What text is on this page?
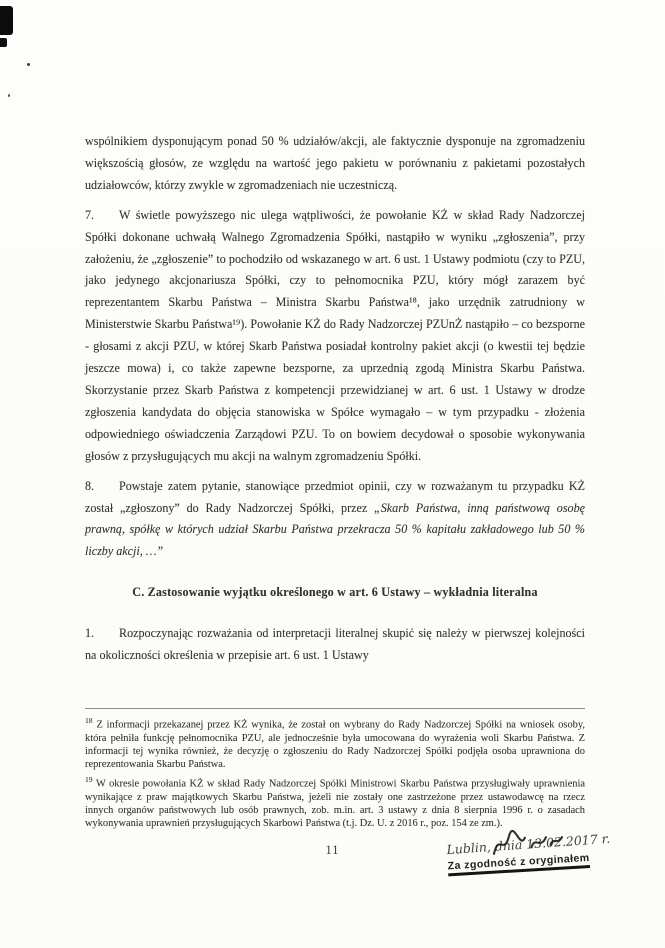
wspólnikiem dysponującym ponad 50 % udziałów/akcji, ale faktycznie dysponuje na zgromadzeniu większością głosów, ze względu na wartość jego pakietu w porównaniu z pakietami pozostałych udziałowców, którzy zwykle w zgromadzeniach nie uczestniczą.

7. W świetle powyższego nic ulega wątpliwości, że powołanie KŻ w skład Rady Nadzorczej Spółki dokonane uchwałą Walnego Zgromadzenia Spółki, nastąpiło w wyniku „zgłoszenia”, przy założeniu, że „zgłoszenie” to pochodziło od wskazanego w art. 6 ust. 1 Ustawy podmiotu (czy to PZU, jako jedynego akcjonariusza Spółki, czy to pełnomocnika PZU, który mógł zarazem być reprezentantem Skarbu Państwa – Ministra Skarbu Państwa¹⁸, jako urzędnik zatrudniony w Ministerstwie Skarbu Państwa¹⁹). Powołanie KŻ do Rady Nadzorczej PZUnŻ nastąpiło – co bezsporne - głosami z akcji PZU, w której Skarb Państwa posiadał kontrolny pakiet akcji (o kwestii tej będzie jeszcze mowa) i, co także zapewne bezsporne, za uprzednią zgodą Ministra Skarbu Państwa. Skorzystanie przez Skarb Państwa z kompetencji przewidzianej w art. 6 ust. 1 Ustawy w drodze zgłoszenia kandydata do objęcia stanowiska w Spółce wymagało – w tym przypadku - złożenia odpowiedniego oświadczenia Zarządowi PZU. To on bowiem decydował o sposobie wykonywania głosów z przysługujących mu akcji na walnym zgromadzeniu Spółki.

8. Powstaje zatem pytanie, stanowiące przedmiot opinii, czy w rozważanym tu przypadku KŻ został „zgłoszony” do Rady Nadzorczej Spółki, przez „Skarb Państwa, inną państwową osobę prawną, spółkę w których udział Skarbu Państwa przekracza 50 % kapitału zakładowego lub 50 % liczby akcji, …”

C. Zastosowanie wyjątku określonego w art. 6 Ustawy – wykładnia literalna

1. Rozpoczynając rozważania od interpretacji literalnej skupić się należy w pierwszej kolejności na okoliczności określenia w przepisie art. 6 ust. 1 Ustawy

$^{18}$ Z informacji przekazanej przez KŻ wynika, że został on wybrany do Rady Nadzorczej Spółki na wniosek osoby, która pełniła funkcję pełnomocnika PZU, ale jednocześnie była umocowana do wyrażenia woli Skarbu Państwa. Z informacji tej wynika również, że decyzję o zgłoszeniu do Rady Nadzorczej Spółki podjęła osoba uprawniona do reprezentowania Skarbu Państwa.

$^{19}$ W okresie powołania KŻ w skład Rady Nadzorczej Spółki Ministrowi Skarbu Państwa przysługiwały uprawnienia wynikające z praw majątkowych Skarbu Państwa, jeżeli nie zostały one zastrzeżone przez ustawodawcę na rzecz innych organów państwowych lub osób prawnych, zob. m.in. art. 3 ustawy z dnia 8 sierpnia 1996 r. o zasadach wykonywania uprawnień przysługujących Skarbowi Państwa (t.j. Dz. U. z 2016 r., poz. 154 ze zm.).

11	Lublin, dnia 13.02.2017 r.
Za zgodność z oryginałem
